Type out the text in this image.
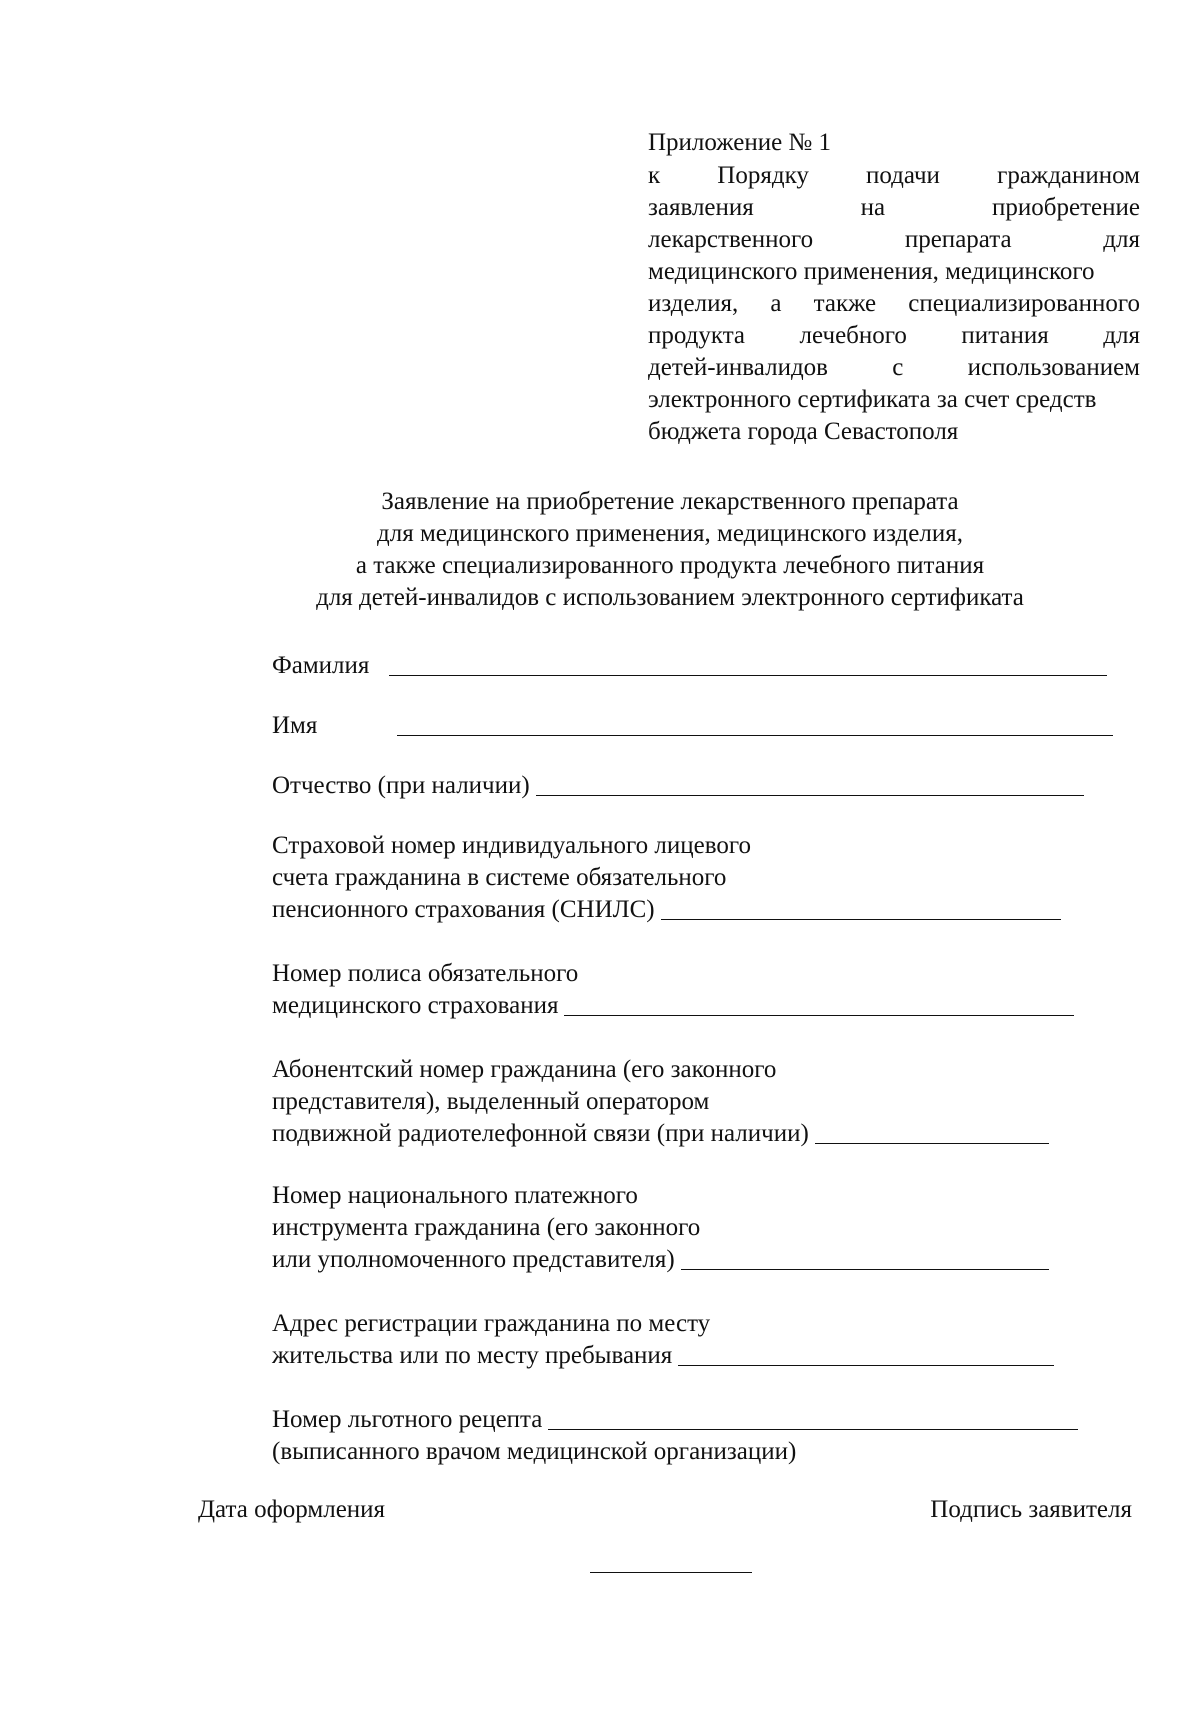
Приложение № 1
к Порядку подачи гражданином
заявления на приобретение
лекарственного препарата для
медицинского применения, медицинского
изделия, а также специализированного
продукта лечебного питания для
детей-инвалидов с использованием
электронного сертификата за счет средств
бюджета города Севастополя
Заявление на приобретение лекарственного препарата
для медицинского применения, медицинского изделия,
а также специализированного продукта лечебного питания
для детей-инвалидов с использованием электронного сертификата
Фамилия
Имя
Отчество (при наличии)
Страховой номер индивидуального лицевого
счета гражданина в системе обязательного
пенсионного страхования (СНИЛС)
Номер полиса обязательного
медицинского страхования
Абонентский номер гражданина (его законного
представителя), выделенный оператором
подвижной радиотелефонной связи (при наличии)
Номер национального платежного
инструмента гражданина (его законного
или уполномоченного представителя)
Адрес регистрации гражданина по месту
жительства или по месту пребывания
Номер льготного рецепта
(выписанного врачом медицинской организации)
Дата оформления	Подпись заявителя
